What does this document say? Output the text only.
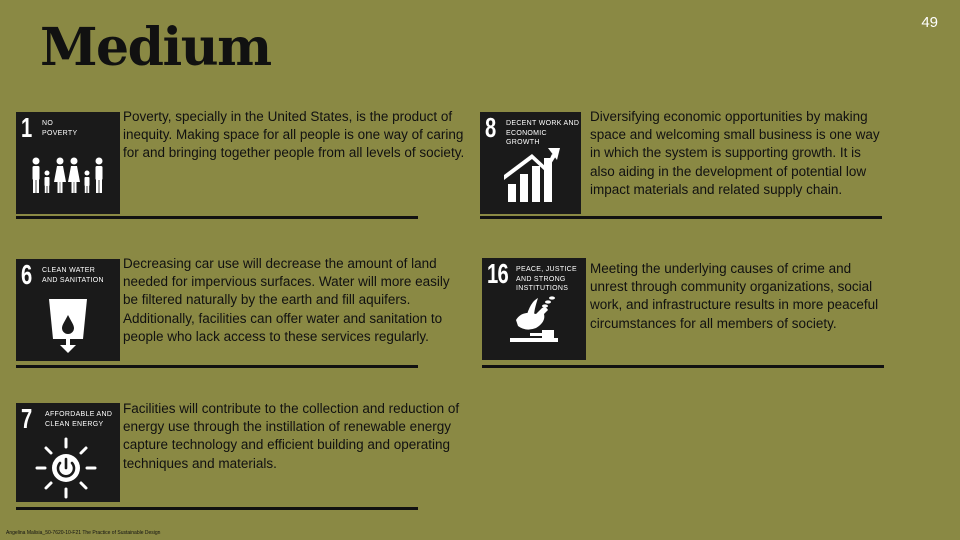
49
Medium
1 NO
POVERTY

Poverty, specially in the United States, is the product of inequity. Making space for all people is one way of caring for and bringing together people from all levels of society.

8 DECENT WORK AND
ECONOMIC GROWTH

Diversifying economic opportunities by making space and welcoming small business is one way in which the system is supporting growth. It is also aiding in the development of potential low impact materials and related supply chain.

6 CLEAN WATER
AND SANITATION

Decreasing car use will decrease the amount of land needed for impervious surfaces. Water will more easily be filtered naturally by the earth and fill aquifers. Additionally, facilities can offer water and sanitation to people who lack access to these services regularly.

16 PEACE, JUSTICE
AND STRONG
INSTITUTIONS

Meeting the underlying causes of crime and unrest through community organizations, social work, and infrastructure results in more peaceful circumstances for all members of society.

7 AFFORDABLE AND
CLEAN ENERGY

Facilities will contribute to the collection and reduction of energy use through the instillation of renewable energy capture technology and efficient building and operating techniques and materials.

Angelina Malisia_50-7620-10-F21 The Practice of Sustainable Design
